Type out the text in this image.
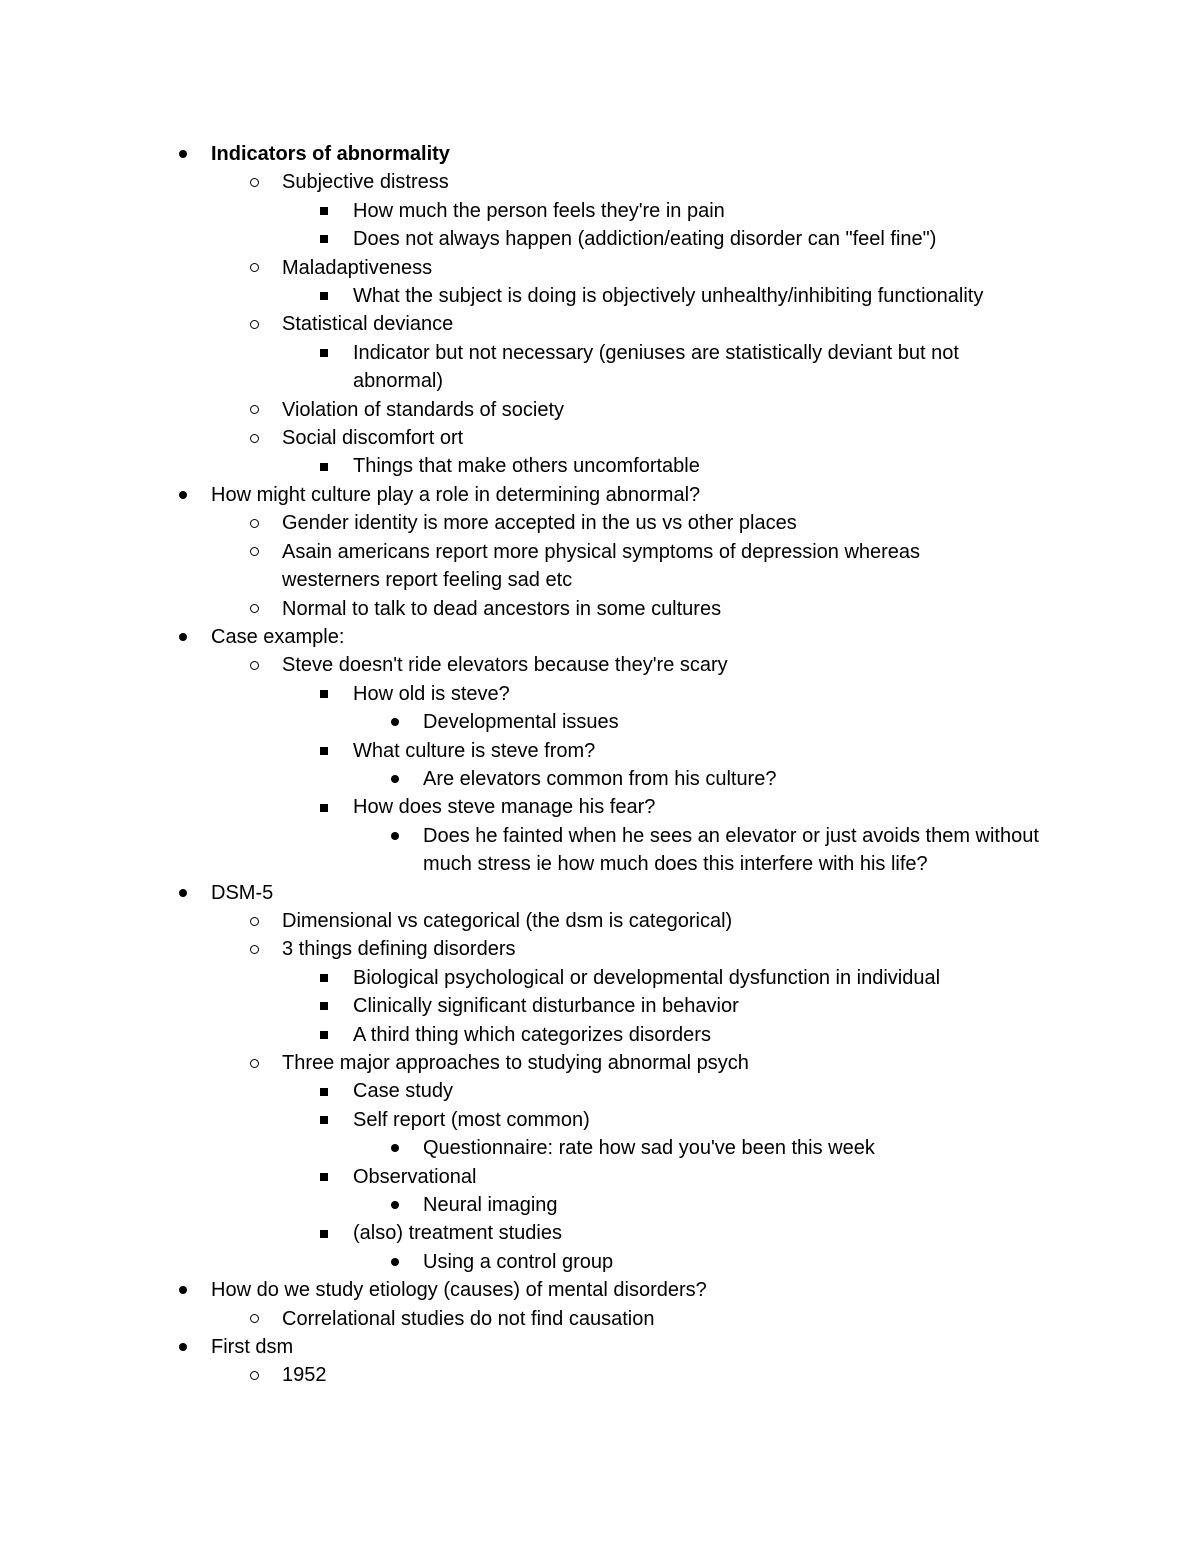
Indicators of abnormality
Subjective distress
How much the person feels they're in pain
Does not always happen (addiction/eating disorder can "feel fine")
Maladaptiveness
What the subject is doing is objectively unhealthy/inhibiting functionality
Statistical deviance
Indicator but not necessary (geniuses are statistically deviant but not abnormal)
Violation of standards of society
Social discomfort ort
Things that make others uncomfortable
How might culture play a role in determining abnormal?
Gender identity is more accepted in the us vs other places
Asain americans report more physical symptoms of depression whereas westerners report feeling sad etc
Normal to talk to dead ancestors in some cultures
Case example:
Steve doesn't ride elevators because they're scary
How old is steve?
Developmental issues
What culture is steve from?
Are elevators common from his culture?
How does steve manage his fear?
Does he fainted when he sees an elevator or just avoids them without much stress ie how much does this interfere with his life?
DSM-5
Dimensional vs categorical (the dsm is categorical)
3 things defining disorders
Biological psychological or developmental dysfunction in individual
Clinically significant disturbance in behavior
A third thing which categorizes disorders
Three major approaches to studying abnormal psych
Case study
Self report (most common)
Questionnaire: rate how sad you've been this week
Observational
Neural imaging
(also) treatment studies
Using a control group
How do we study etiology (causes) of mental disorders?
Correlational studies do not find causation
First dsm
1952
